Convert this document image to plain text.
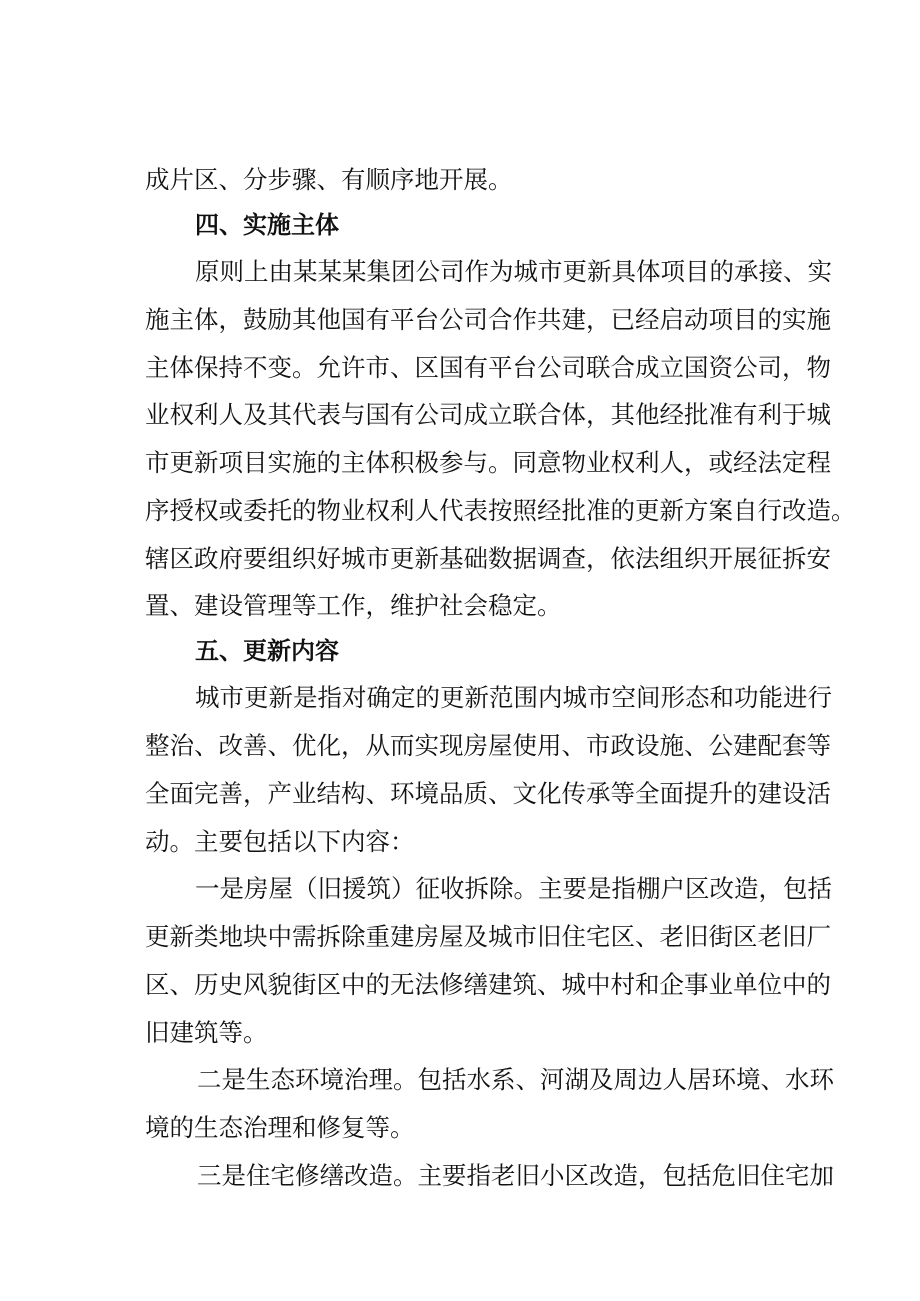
成片区、分步骤、有顺序地开展。
四、实施主体
原则上由某某某集团公司作为城市更新具体项目的承接、实
施主体，鼓励其他国有平台公司合作共建，已经启动项目的实施
主体保持不变。允许市、区国有平台公司联合成立国资公司，物
业权利人及其代表与国有公司成立联合体，其他经批准有利于城
市更新项目实施的主体积极参与。同意物业权利人，或经法定程
序授权或委托的物业权利人代表按照经批准的更新方案自行改造。
辖区政府要组织好城市更新基础数据调查，依法组织开展征拆安
置、建设管理等工作，维护社会稳定。
五、更新内容
城市更新是指对确定的更新范围内城市空间形态和功能进行
整治、改善、优化，从而实现房屋使用、市政设施、公建配套等
全面完善，产业结构、环境品质、文化传承等全面提升的建设活
动。主要包括以下内容：
一是房屋（旧援筑）征收拆除。主要是指棚户区改造，包括
更新类地块中需拆除重建房屋及城市旧住宅区、老旧街区老旧厂
区、历史风貌街区中的无法修缮建筑、城中村和企事业单位中的
旧建筑等。
二是生态环境治理。包括水系、河湖及周边人居环境、水环
境的生态治理和修复等。
三是住宅修缮改造。主要指老旧小区改造，包括危旧住宅加
